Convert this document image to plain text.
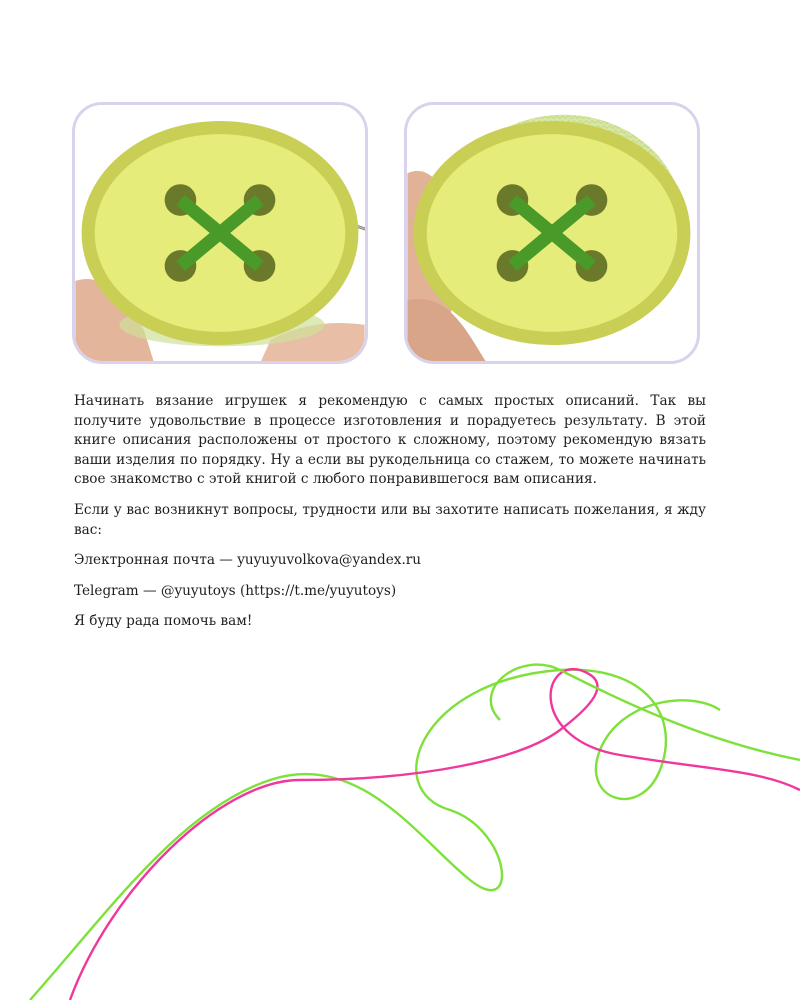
Начинать вязание игрушек я рекомендую с самых простых описаний. Так вы получите удовольствие в процессе изготовления и порадуетесь результату. В этой книге описания расположены от простого к сложному, поэтому рекомендую вязать ваши изделия по порядку. Ну а если вы рукодельница со стажем, то можете начинать свое знакомство с этой книгой с любого понравившегося вам описания.

Если у вас возникнут вопросы, трудности или вы захотите написать пожелания, я жду вас:

Электронная почта — yuyuyuvolkova@yandex.ru

Telegram — @yuyutoys (https://t.me/yuyutoys)

Я буду рада помочь вам!
